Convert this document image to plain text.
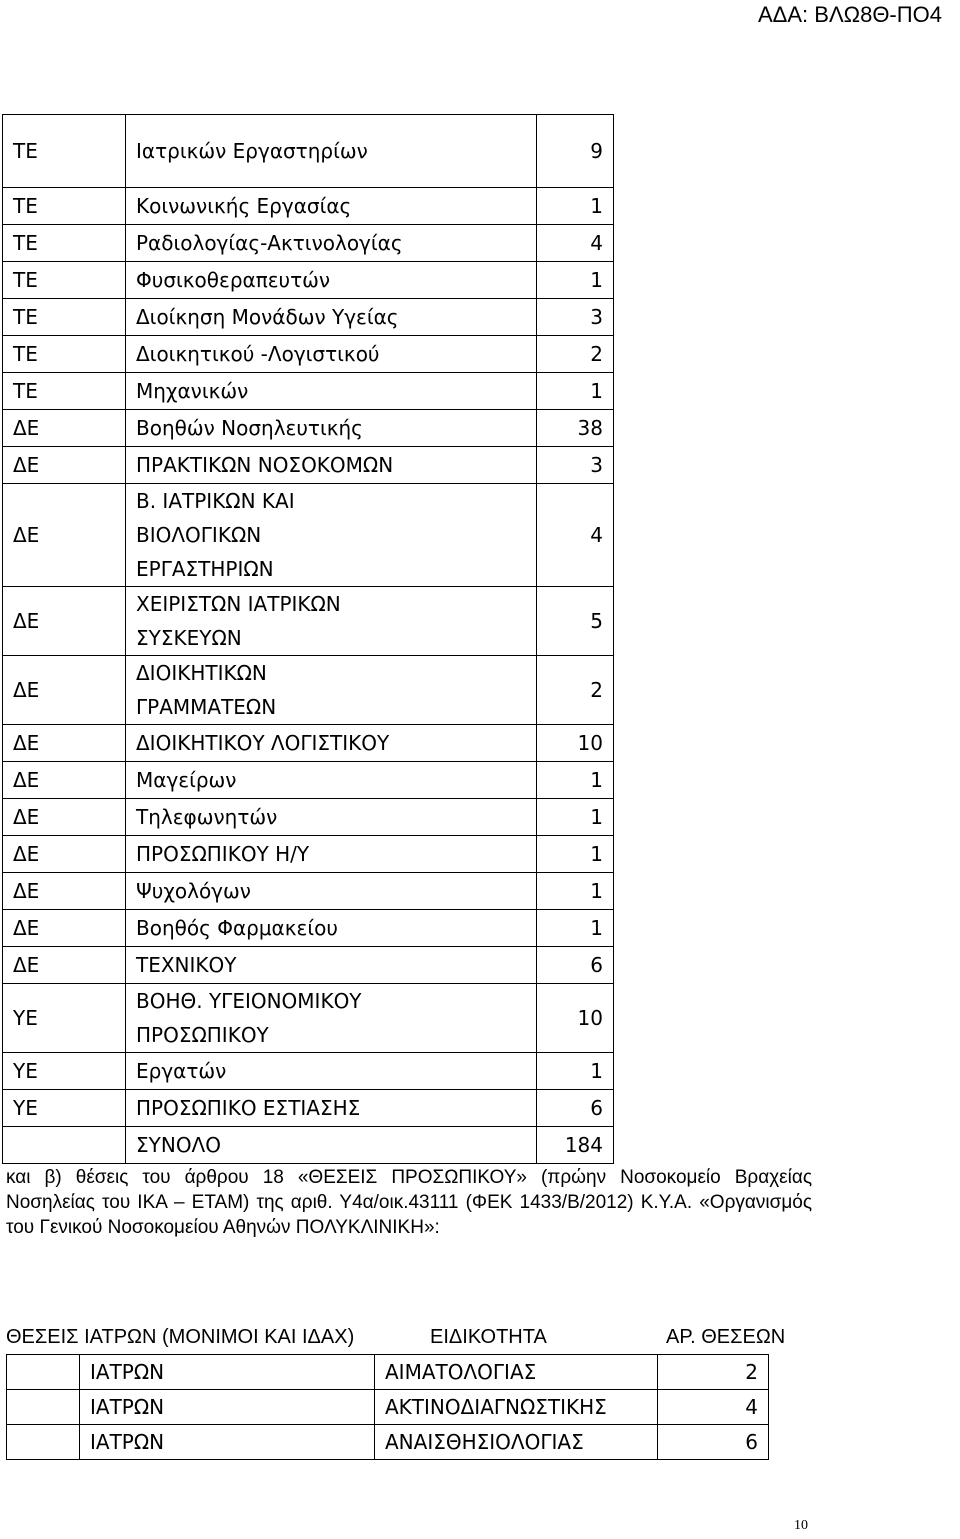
ΑΔΑ: ΒΛΩ8Θ-ΠΟ4
ΤΕ	Ιατρικών Εργαστηρίων	9
ΤΕ	Κοινωνικής Εργασίας	1
ΤΕ	Ραδιολογίας-Ακτινολογίας	4
ΤΕ	Φυσικοθεραπευτών	1
ΤΕ	Διοίκηση Μονάδων Υγείας	3
ΤΕ	Διοικητικού -Λογιστικού	2
ΤΕ	Μηχανικών	1
ΔΕ	Βοηθών Νοσηλευτικής	38
ΔΕ	ΠΡΑΚΤΙΚΩΝ ΝΟΣΟΚΟΜΩΝ	3
ΔΕ	Β. ΙΑΤΡΙΚΩΝ ΚΑΙ
ΒΙΟΛΟΓΙΚΩΝ
ΕΡΓΑΣΤΗΡΙΩΝ	4
ΔΕ	ΧΕΙΡΙΣΤΩΝ ΙΑΤΡΙΚΩΝ
ΣΥΣΚΕΥΩΝ	5
ΔΕ	ΔΙΟΙΚΗΤΙΚΩΝ
ΓΡΑΜΜΑΤΕΩΝ	2
ΔΕ	ΔΙΟΙΚΗΤΙΚΟΥ ΛΟΓΙΣΤΙΚΟΥ	10
ΔΕ	Μαγείρων	1
ΔΕ	Τηλεφωνητών	1
ΔΕ	ΠΡΟΣΩΠΙΚΟΥ Η/Υ	1
ΔΕ	Ψυχολόγων	1
ΔΕ	Βοηθός Φαρμακείου	1
ΔΕ	ΤΕΧΝΙΚΟΥ	6
ΥΕ	ΒΟΗΘ. ΥΓΕΙΟΝΟΜΙΚΟΥ
ΠΡΟΣΩΠΙΚΟΥ	10
ΥΕ	Εργατών	1
ΥΕ	ΠΡΟΣΩΠΙΚΟ ΕΣΤΙΑΣΗΣ	6

	ΣΥΝΟΛΟ	184
και β) θέσεις του άρθρου 18 «ΘΕΣΕΙΣ ΠΡΟΣΩΠΙΚΟΥ» (πρώην Νοσοκομείο Βραχείας Νοσηλείας του ΙΚΑ – ΕΤΑΜ) της αριθ. Υ4α/οικ.43111 (ΦΕΚ 1433/Β/2012) Κ.Υ.Α. «Οργανισμός του Γενικού Νοσοκομείου Αθηνών ΠΟΛΥΚΛΙΝΙΚΗ»:
ΘΕΣΕΙΣ ΙΑΤΡΩΝ (ΜΟΝΙΜΟΙ ΚΑΙ ΙΔΑΧ)	ΕΙΔΙΚΟΤΗΤΑ	ΑΡ. ΘΕΣΕΩΝ
	ΙΑΤΡΩΝ	ΑΙΜΑΤΟΛΟΓΙΑΣ	2
	ΙΑΤΡΩΝ	ΑΚΤΙΝΟΔΙΑΓΝΩΣΤΙΚΗΣ	4
	ΙΑΤΡΩΝ	ΑΝΑΙΣΘΗΣΙΟΛΟΓΙΑΣ	6
10
